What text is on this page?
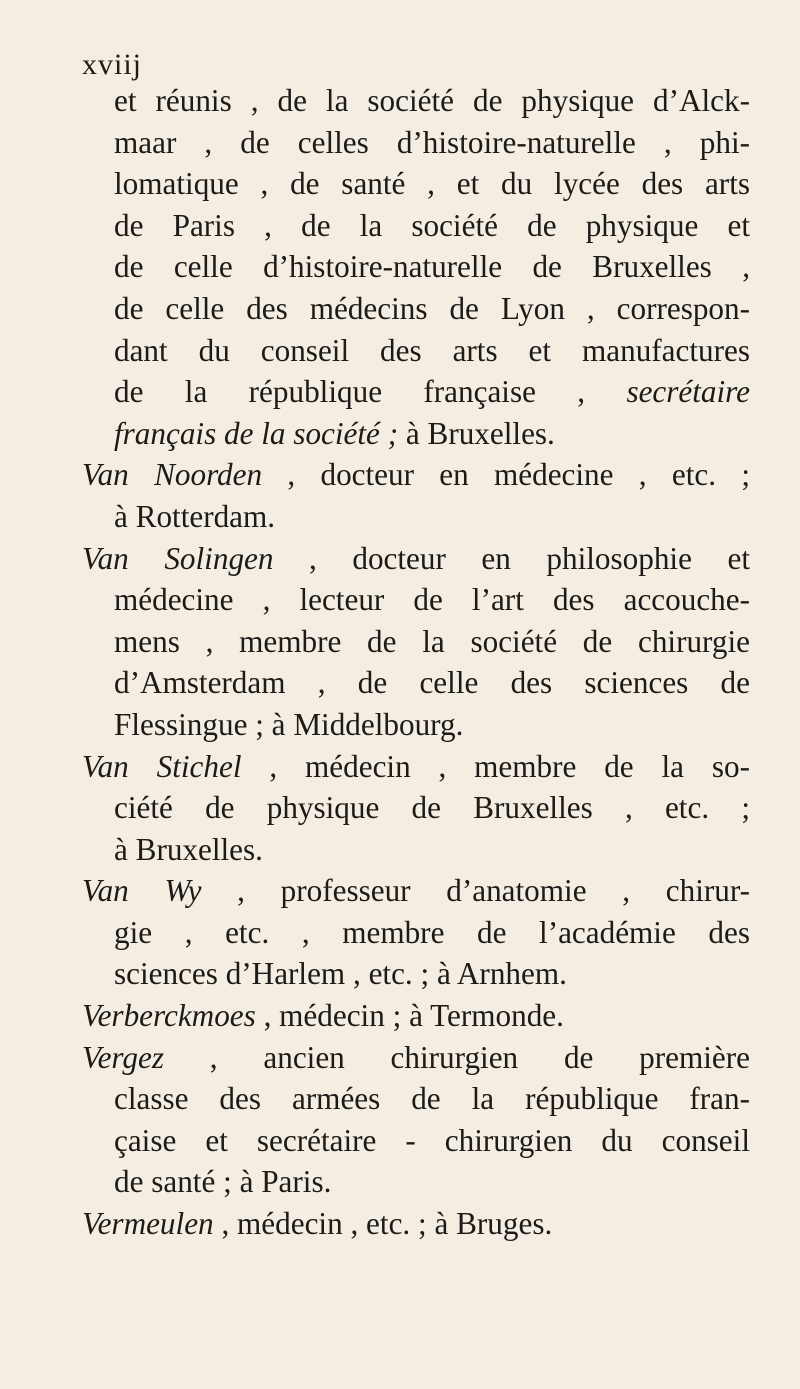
xviij
et réunis , de la société de physique d’Alck-
maar , de celles d’histoire-naturelle , phi-
lomatique , de santé , et du lycée des arts
de Paris , de la société de physique et
de celle d’histoire-naturelle de Bruxelles ,
de celle des médecins de Lyon , correspon-
dant du conseil des arts et manufactures
de la république française , secrétaire
français de la société ; à Bruxelles.
Van Noorden , docteur en médecine , etc. ;
à Rotterdam.
Van Solingen , docteur en philosophie et
médecine , lecteur de l’art des accouche-
mens , membre de la société de chirurgie
d’Amsterdam , de celle des sciences de
Flessingue ; à Middelbourg.
Van Stichel , médecin , membre de la so-
ciété de physique de Bruxelles , etc. ;
à Bruxelles.
Van Wy , professeur d’anatomie , chirur-
gie , etc. , membre de l’académie des
sciences d’Harlem , etc. ; à Arnhem.
Verberckmoes , médecin ; à Termonde.
Vergez , ancien chirurgien de première
classe des armées de la république fran-
çaise et secrétaire - chirurgien du conseil
de santé ; à Paris.
Vermeulen , médecin , etc. ; à Bruges.
